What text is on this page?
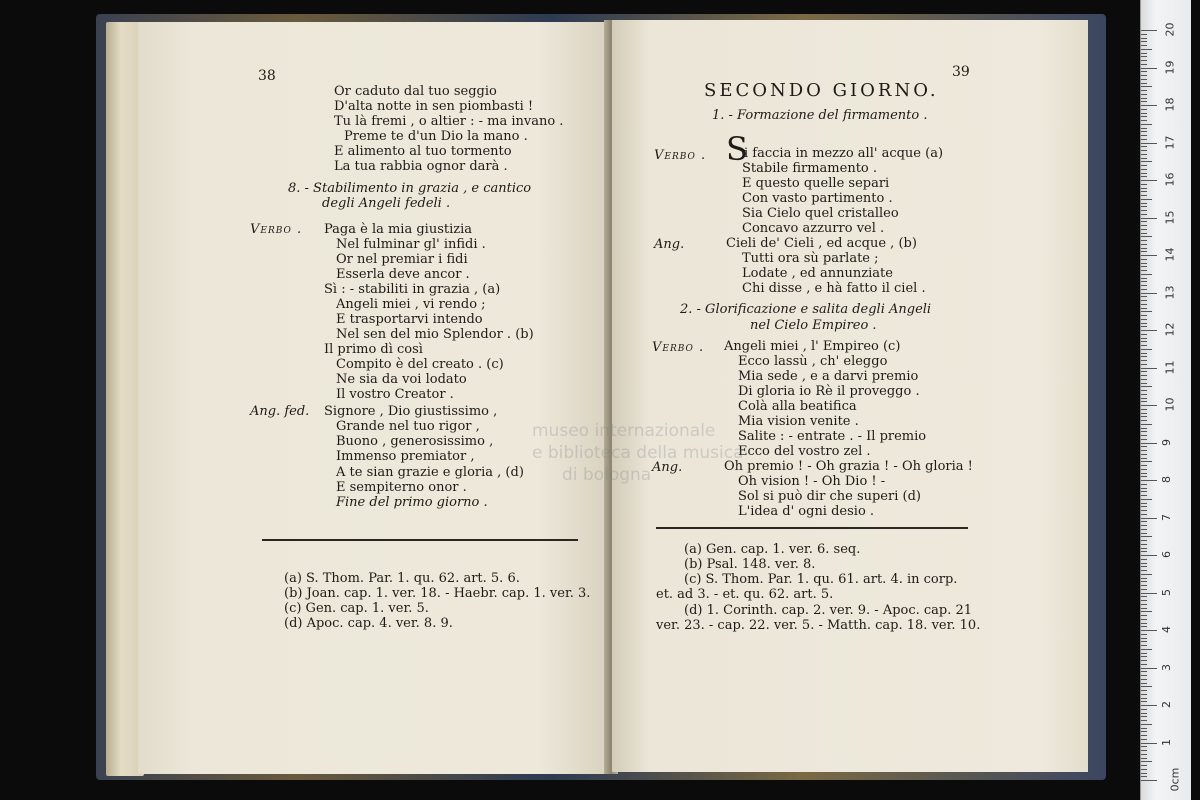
38
Or caduto dal tuo seggio
D'alta notte in sen piombasti !
Tu là fremi , o altier : - ma invano .
Preme te d'un Dio la mano .
E alimento al tuo tormento
La tua rabbia ognor darà .
8. - Stabilimento in grazia , e cantico
degli Angeli fedeli .
Verbo . Paga è la mia giustizia
Nel fulminar gl' infidi .
Or nel premiar i fidi
Esserla deve ancor .
Sì : - stabiliti in grazia , (a)
Angeli miei , vi rendo ;
E trasportarvi intendo
Nel sen del mio Splendor . (b)
Il primo dì così
Compito è del creato . (c)
Ne sia da voi lodato
Il vostro Creator .
Ang. fed. Signore , Dio giustissimo ,
Grande nel tuo rigor ,
Buono , generosissimo ,
Immenso premiator ,
A te sian grazie e gloria , (d)
E sempiterno onor .
Fine del primo giorno .
(a) S. Thom. Par. 1. qu. 62. art. 5. 6.
(b) Joan. cap. 1. ver. 18. - Haebr. cap. 1. ver. 3.
(c) Gen. cap. 1. ver. 5.
(d) Apoc. cap. 4. ver. 8. 9.
SECONDO GIORNO.
39
1. - Formazione del firmamento .
Verbo . S
i faccia in mezzo all' acque (a)
Stabile firmamento .
E questo quelle separi
Con vasto partimento .
Sia Cielo quel cristalleo
Concavo azzurro vel .
Ang.	Cieli de' Cieli , ed acque , (b)
Tutti ora sù parlate ;
Lodate , ed annunziate
Chi disse , e hà fatto il ciel .
2. - Glorificazione e salita degli Angeli
nel Cielo Empireo .
Verbo . Angeli miei , l' Empireo (c)
Ecco lassù , ch' eleggo
Mia sede , e a darvi premio
Di gloria io Rè il proveggo .
Colà alla beatifica
Mia vision venite .
Salite : - entrate . - Il premio
Ecco del vostro zel .
Ang.	Oh premio ! - Oh grazia ! - Oh gloria !
Oh vision ! - Oh Dio ! -
Sol si può dir che superi (d)
L'idea d' ogni desio .
(a) Gen. cap. 1. ver. 6. seq.
(b) Psal. 148. ver. 8.
(c) S. Thom. Par. 1. qu. 61. art. 4. in corp.
et. ad 3. - et. qu. 62. art. 5.
(d) 1. Corinth. cap. 2. ver. 9. - Apoc. cap. 21
ver. 23. - cap. 22. ver. 5. - Matth. cap. 18. ver. 10.
museo internazionale
e biblioteca della musica
di bologna
20
19
18
17
16
15
14
13
12
11
10
9
8
7
6
5
4
3
2
1
0cm
